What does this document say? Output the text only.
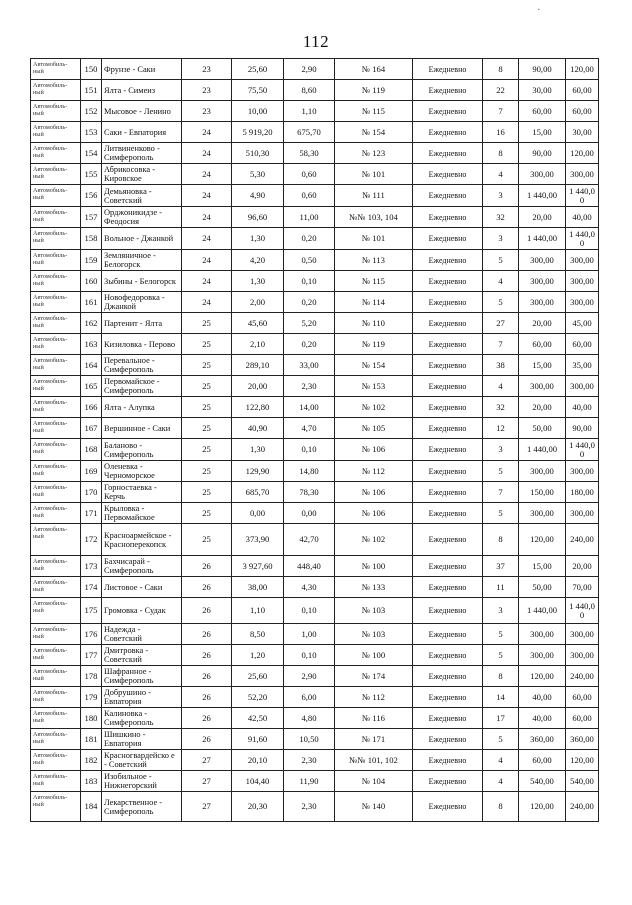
112
.
Автомобиль-ный	150	Фрунзе - Саки	23	25,60	2,90	№ 164	Ежедневно	8	90,00	120,00
Автомобиль-ный	151	Ялта - Симеиз	23	75,50	8,60	№ 119	Ежедневно	22	30,00	60,00
Автомобиль-ный	152	Мысовое - Ленино	23	10,00	1,10	№ 115	Ежедневно	7	60,00	60,00
Автомобиль-ный	153	Саки - Евпатория	24	5 919,20	675,70	№ 154	Ежедневно	16	15,00	30,00
Автомобиль-ный	154	Литвиненково - Симферополь	24	510,30	58,30	№ 123	Ежедневно	8	90,00	120,00
Автомобиль-ный	155	Абрикосовка - Кировское	24	5,30	0,60	№ 101	Ежедневно	4	300,00	300,00
Автомобиль-ный	156	Демьяновка - Советский	24	4,90	0,60	№ 111	Ежедневно	3	1 440,00	1 440,0 0
Автомобиль-ный	157	Орджоникидзе - Феодосия	24	96,60	11,00	№№ 103, 104	Ежедневно	32	20,00	40,00
Автомобиль-ный	158	Вольное - Джанкой	24	1,30	0,20	№ 101	Ежедневно	3	1 440,00	1 440,0 0
Автомобиль-ный	159	Земляничное - Белогорск	24	4,20	0,50	№ 113	Ежедневно	5	300,00	300,00
Автомобиль-ный	160	Зыбины - Белогорск	24	1,30	0,10	№ 115	Ежедневно	4	300,00	300,00
Автомобиль-ный	161	Новофедоровка - Джанкой	24	2,00	0,20	№ 114	Ежедневно	5	300,00	300,00
Автомобиль-ный	162	Партенит - Ялта	25	45,60	5,20	№ 110	Ежедневно	27	20,00	45,00
Автомобиль-ный	163	Кизиловка - Перово	25	2,10	0,20	№ 119	Ежедневно	7	60,00	60,00
Автомобиль-ный	164	Перевальное - Симферополь	25	289,10	33,00	№ 154	Ежедневно	38	15,00	35,00
Автомобиль-ный	165	Первомайское - Симферополь	25	20,00	2,30	№ 153	Ежедневно	4	300,00	300,00
Автомобиль-ный	166	Ялта - Алупка	25	122,80	14,00	№ 102	Ежедневно	32	20,00	40,00
Автомобиль-ный	167	Вершинное - Саки	25	40,90	4,70	№ 105	Ежедневно	12	50,00	90,00
Автомобиль-ный	168	Баланово - Симферополь	25	1,30	0,10	№ 106	Ежедневно	3	1 440,00	1 440,0 0
Автомобиль-ный	169	Оленевка - Черноморское	25	129,90	14,80	№ 112	Ежедневно	5	300,00	300,00
Автомобиль-ный	170	Горностаевка - Керчь	25	685,70	78,30	№ 106	Ежедневно	7	150,00	180,00
Автомобиль-ный	171	Крыловка - Первомайское	25	0,00	0,00	№ 106	Ежедневно	5	300,00	300,00
Автомобиль-ный	172	Красноармейское - Красноперекопск	25	373,90	42,70	№ 102	Ежедневно	8	120,00	240,00
Автомобиль-ный	173	Бахчисарай - Симферополь	26	3 927,60	448,40	№ 100	Ежедневно	37	15,00	20,00
Автомобиль-ный	174	Листовое - Саки	26	38,00	4,30	№ 133	Ежедневно	11	50,00	70,00
Автомобиль-ный	175	Громовка - Судак	26	1,10	0,10	№ 103	Ежедневно	3	1 440,00	1 440,0 0
Автомобиль-ный	176	Надежда - Советский	26	8,50	1,00	№ 103	Ежедневно	5	300,00	300,00
Автомобиль-ный	177	Дмитровка - Советский	26	1,20	0,10	№ 100	Ежедневно	5	300,00	300,00
Автомобиль-ный	178	Шафранное - Симферополь	26	25,60	2,90	№ 174	Ежедневно	8	120,00	240,00
Автомобиль-ный	179	Добрушино - Евпатория	26	52,20	6,00	№ 112	Ежедневно	14	40,00	60,00
Автомобиль-ный	180	Калиновка - Симферополь	26	42,50	4,80	№ 116	Ежедневно	17	40,00	60,00
Автомобиль-ный	181	Шишкино - Евпатория	26	91,60	10,50	№ 171	Ежедневно	5	360,00	360,00
Автомобиль-ный	182	Красногвардейско е - Советский	27	20,10	2,30	№№ 101, 102	Ежедневно	4	60,00	120,00
Автомобиль-ный	183	Изобильное - Нижнегорский	27	104,40	11,90	№ 104	Ежедневно	4	540,00	540,00
Автомобиль-ный	184	Лекарственное - Симферополь	27	20,30	2,30	№ 140	Ежедневно	8	120,00	240,00
